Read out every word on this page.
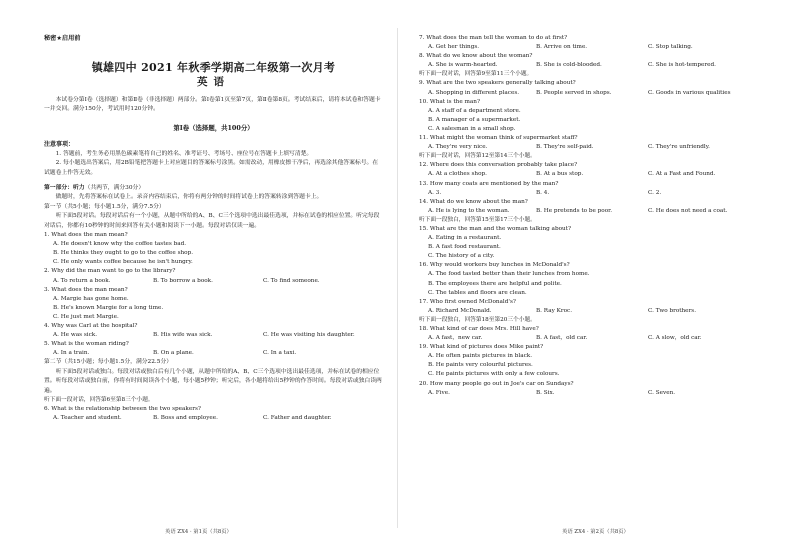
秘密★启用前
镇雄四中 2021 年秋季学期高二年级第一次月考
英语
本试卷分第Ⅰ卷（选择题）和第Ⅱ卷（非选择题）两部分。第Ⅰ卷第1页至第7页，第Ⅱ卷第8页。考试结束后，请将本试卷和答题卡一并交回。满分150分，考试用时120分钟。
第Ⅰ卷（选择题，共100分）
注意事项：
1. 答题前，考生务必用黑色碳素笔将自己的姓名、准考证号、考场号、座位号在答题卡上填写清楚。
2. 每小题选出答案后，用2B铅笔把答题卡上对应题目的答案标号涂黑。如需改动，用橡皮擦干净后，再选涂其他答案标号。在试题卷上作答无效。
第一部分：听力（共两节，满分30分）
做题时，先将答案标在试卷上。录音内容结束后，你将有两分钟的时间将试卷上的答案转涂到答题卡上。
第一节（共5小题；每小题1.5分，满分7.5分）
听下面5段对话。每段对话后有一个小题，从题中所给的A、B、C三个选项中选出最佳选项，并标在试卷的相应位置。听完每段对话后，你都有10秒钟的时间来回答有关小题和阅读下一小题。每段对话仅读一遍。
1. What does the man mean?
A. He doesn't know why the coffee tastes bad.
B. He thinks they ought to go to the coffee shop.
C. He only wants coffee because he isn't hungry.
2. Why did the man want to go to the library?
A. To return a book.	B. To borrow a book.	C. To find someone.
3. What does the man mean?
A. Margie has gone home.
B. He's known Margie for a long time.
C. He just met Margie.
4. Why was Carl at the hospital?
A. He was sick.	B. His wife was sick.	C. He was visiting his daughter.
5. What is the woman riding?
A. In a train.	B. On a plane.	C. In a taxi.
第二节（共15小题；每小题1.5分，满分22.5分）
听下面5段对话或独白。每段对话或独白后有几个小题，从题中所给的A、B、C三个选项中选出最佳选项，并标在试卷的相应位置。听每段对话或独白前，你将有时间阅读各个小题，每小题5秒钟；听完后，各小题将给出5秒钟的作答时间。每段对话或独白读两遍。
听下面一段对话，回答第6至第8三个小题。
6. What is the relationship between the two speakers?
A. Teacher and student.	B. Boss and employee.	C. Father and daughter.
英语 ZX4 · 第1页（共8页）
7. What does the man tell the woman to do at first?
A. Get her things.	B. Arrive on time.	C. Stop talking.
8. What do we know about the woman?
A. She is warm-hearted.	B. She is cold-blooded.	C. She is hot-tempered.
听下面一段对话，回答第9至第11三个小题。
9. What are the two speakers generally talking about?
A. Shopping in different places.	B. People served in shops.	C. Goods in various qualities
10. What is the man?
A. A staff of a department store.
B. A manager of a supermarket.
C. A salesman in a small shop.
11. What might the woman think of supermarket staff?
A. They're very nice.	B. They're self-paid.	C. They're unfriendly.
听下面一段对话，回答第12至第14三个小题。
12. Where does this conversation probably take place?
A. At a clothes shop.	B. At a bus stop.	C. At a Fast and Found.
13. How many coats are mentioned by the man?
A. 3.	B. 4.	C. 2.
14. What do we know about the man?
A. He is lying to the woman.	B. He pretends to be poor.	C. He does not need a coat.
听下面一段独白，回答第15至第17三个小题。
15. What are the man and the woman talking about?
A. Eating in a restaurant.
B. A fast food restaurant.
C. The history of a city.
16. Why would workers buy lunches in McDonald's?
A. The food tasted better than their lunches from home.
B. The employees there are helpful and polite.
C. The tables and floors are clean.
17. Who first owned McDonald's?
A. Richard McDonald.	B. Ray Kroc.	C. Two brothers.
听下面一段独白，回答第18至第20三个小题。
18. What kind of car does Mrs. Hill have?
A. A fast，new car.	B. A fast，old car.	C. A slow，old car.
19. What kind of pictures does Mike paint?
A. He often paints pictures in black.
B. He paints very colourful pictures.
C. He paints pictures with only a few colours.
20. How many people go out in Joe's car on Sundays?
A. Five.	B. Six.	C. Seven.
英语 ZX4 · 第2页（共8页）
